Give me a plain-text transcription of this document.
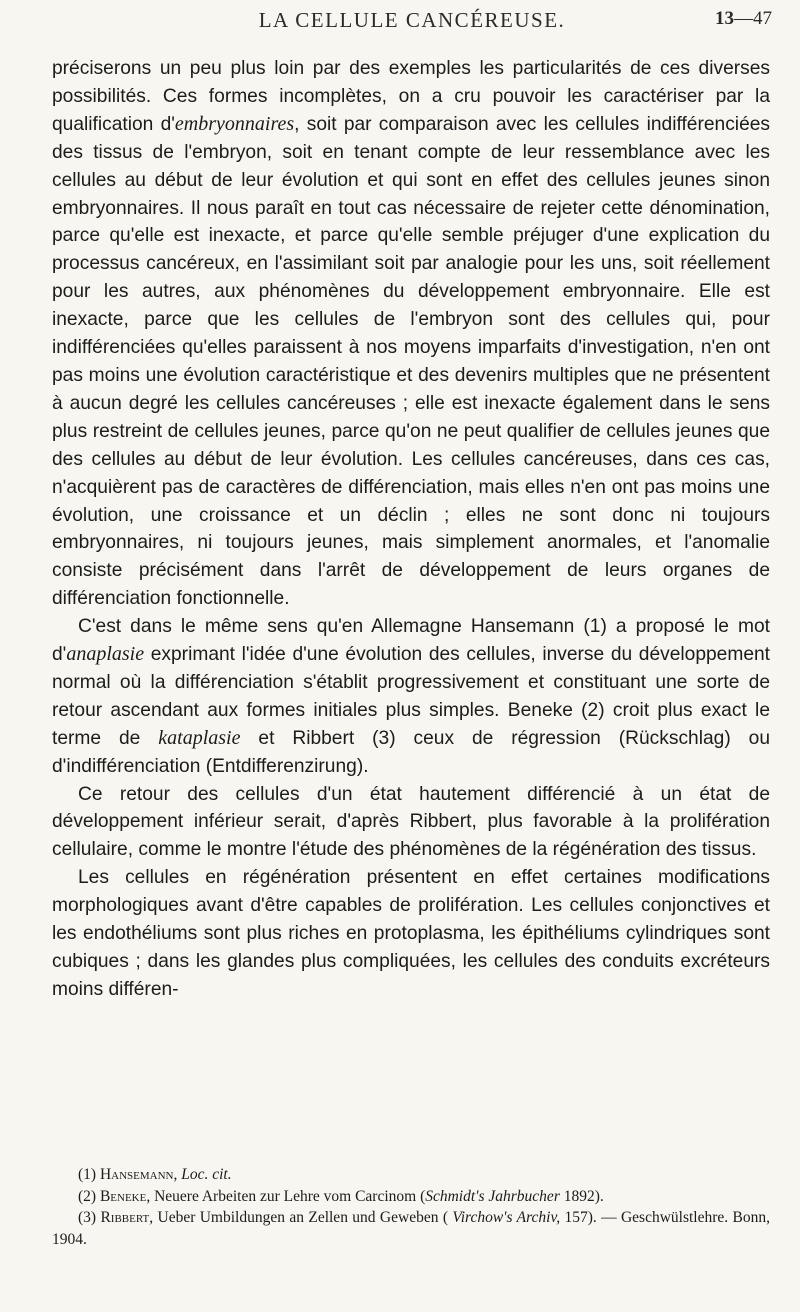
LA CELLULE CANCÉREUSE.	13—47

préciserons un peu plus loin par des exemples les particularités de ces diverses possibilités. Ces formes incomplètes, on a cru pouvoir les caractériser par la qualification d'embryonnaires, soit par comparaison avec les cellules indifférenciées des tissus de l'embryon, soit en tenant compte de leur ressemblance avec les cellules au début de leur évolution et qui sont en effet des cellules jeunes sinon embryonnaires. Il nous paraît en tout cas nécessaire de rejeter cette dénomination, parce qu'elle est inexacte, et parce qu'elle semble préjuger d'une explication du processus cancéreux, en l'assimilant soit par analogie pour les uns, soit réellement pour les autres, aux phénomènes du développement embryonnaire. Elle est inexacte, parce que les cellules de l'embryon sont des cellules qui, pour indifférenciées qu'elles paraissent à nos moyens imparfaits d'investigation, n'en ont pas moins une évolution caractéristique et des devenirs multiples que ne présentent à aucun degré les cellules cancéreuses ; elle est inexacte également dans le sens plus restreint de cellules jeunes, parce qu'on ne peut qualifier de cellules jeunes que des cellules au début de leur évolution. Les cellules cancéreuses, dans ces cas, n'acquièrent pas de caractères de différenciation, mais elles n'en ont pas moins une évolution, une croissance et un déclin ; elles ne sont donc ni toujours embryonnaires, ni toujours jeunes, mais simplement anormales, et l'anomalie consiste précisément dans l'arrêt de développement de leurs organes de différenciation fonctionnelle.

C'est dans le même sens qu'en Allemagne Hansemann (1) a proposé le mot d'anaplasie exprimant l'idée d'une évolution des cellules, inverse du développement normal où la différenciation s'établit progressivement et constituant une sorte de retour ascendant aux formes initiales plus simples. Beneke (2) croit plus exact le terme de kataplasie et Ribbert (3) ceux de régression (Rückschlag) ou d'indifférenciation (Entdifferenzirung).

Ce retour des cellules d'un état hautement différencié à un état de développement inférieur serait, d'après Ribbert, plus favorable à la prolifération cellulaire, comme le montre l'étude des phénomènes de la régénération des tissus.

Les cellules en régénération présentent en effet certaines modifications morphologiques avant d'être capables de prolifération. Les cellules conjonctives et les endothéliums sont plus riches en protoplasma, les épithéliums cylindriques sont cubiques ; dans les glandes plus compliquées, les cellules des conduits excréteurs moins différen-

(1) Hansemann, Loc. cit.

(2) Beneke, Neuere Arbeiten zur Lehre vom Carcinom (Schmidt's Jahrbucher 1892).

(3) Ribbert, Ueber Umbildungen an Zellen und Geweben ( Virchow's Archiv, 157). — Geschwülstlehre. Bonn, 1904.
